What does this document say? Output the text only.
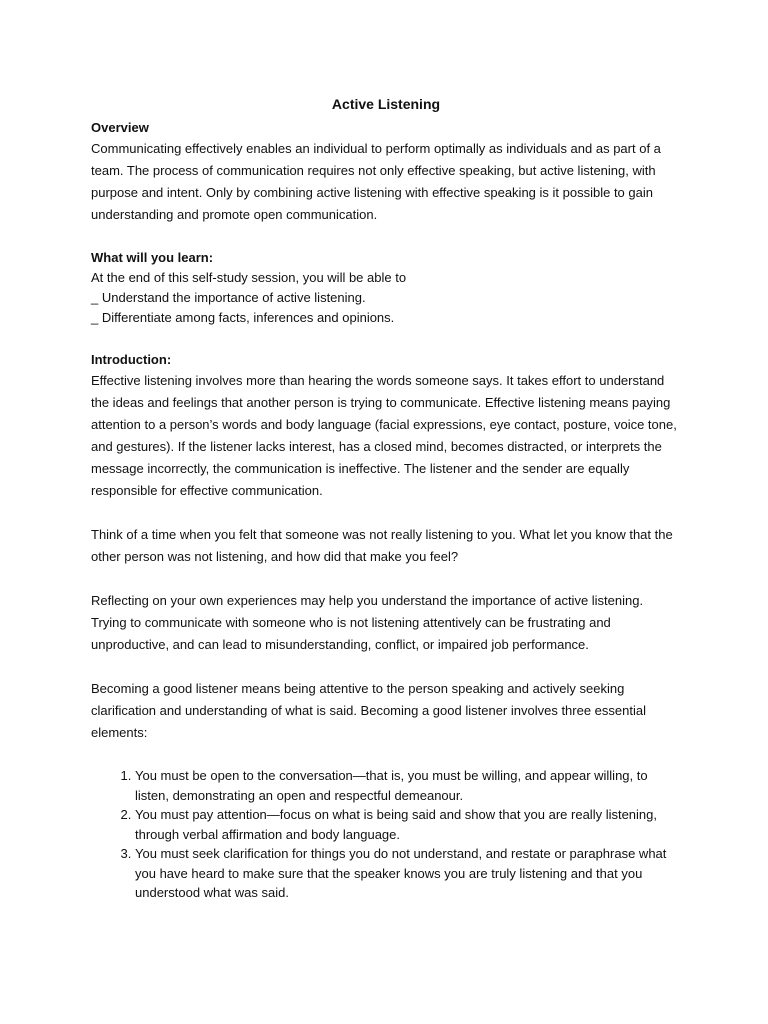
Active Listening
Overview

Communicating effectively enables an individual to perform optimally as individuals and as part of a team. The process of communication requires not only effective speaking, but active listening, with purpose and intent. Only by combining active listening with effective speaking is it possible to gain understanding and promote open communication.

What will you learn:

At the end of this self-study session, you will be able to

_ Understand the importance of active listening.

_ Differentiate among facts, inferences and opinions.

Introduction:

Effective listening involves more than hearing the words someone says. It takes effort to understand the ideas and feelings that another person is trying to communicate. Effective listening means paying attention to a person’s words and body language (facial expressions, eye contact, posture, voice tone, and gestures). If the listener lacks interest, has a closed mind, becomes distracted, or interprets the message incorrectly, the communication is ineffective. The listener and the sender are equally responsible for effective communication.

Think of a time when you felt that someone was not really listening to you. What let you know that the other person was not listening, and how did that make you feel?

Reflecting on your own experiences may help you understand the importance of active listening. Trying to communicate with someone who is not listening attentively can be frustrating and unproductive, and can lead to misunderstanding, conflict, or impaired job performance.

Becoming a good listener means being attentive to the person speaking and actively seeking clarification and understanding of what is said. Becoming a good listener involves three essential elements:

1. You must be open to the conversation—that is, you must be willing, and appear willing, to listen, demonstrating an open and respectful demeanour.
2. You must pay attention—focus on what is being said and show that you are really listening, through verbal affirmation and body language.
3. You must seek clarification for things you do not understand, and restate or paraphrase what you have heard to make sure that the speaker knows you are truly listening and that you understood what was said.
